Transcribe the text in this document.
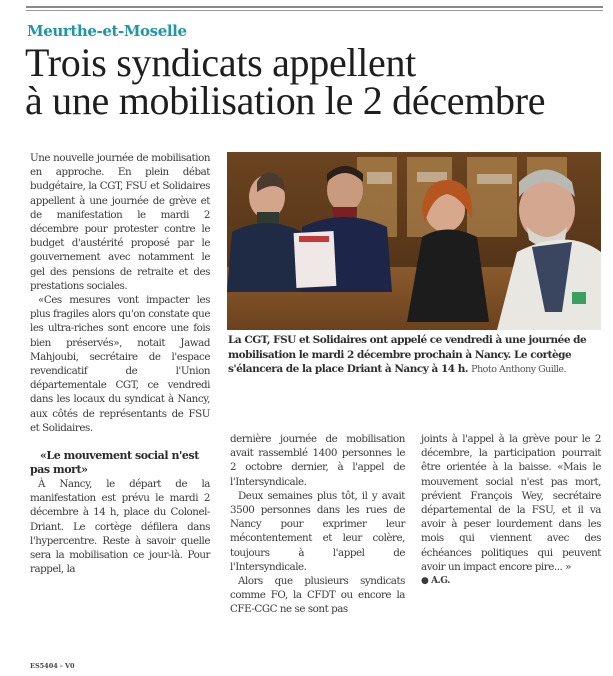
Meurthe-et-Moselle
Trois syndicats appellent
à une mobilisation le 2 décembre

Une nouvelle journée de mobilisation en approche. En plein débat budgétaire, la CGT, FSU et Solidaires appellent à une journée de grève et de manifestation le mardi 2 décembre pour protester contre le budget d'austérité proposé par le gouvernement avec notamment le gel des pensions de retraite et des prestations sociales.

«Ces mesures vont impacter les plus fragiles alors qu'on constate que les ultra-riches sont encore une fois bien préservés», notait Jawad Mahjoubi, secrétaire de l'espace revendicatif de l'Union départementale CGT, ce vendredi dans les locaux du syndicat à Nancy, aux côtés de représentants de FSU et Solidaires.

«Le mouvement social n'est pas mort»

À Nancy, le départ de la manifestation est prévu le mardi 2 décembre à 14 h, place du Colonel-Driant. Le cortège défilera dans l'hypercentre. Reste à savoir quelle sera la mobilisation ce jour-là. Pour rappel, la

La CGT, FSU et Solidaires ont appelé ce vendredi à une journée de mobilisation le mardi 2 décembre prochain à Nancy. Le cortège s'élancera de la place Driant à Nancy à 14 h. Photo Anthony Guille.

dernière journée de mobilisation avait rassemblé 1400 personnes le 2 octobre dernier, à l'appel de l'Intersyndicale.

Deux semaines plus tôt, il y avait 3500 personnes dans les rues de Nancy pour exprimer leur mécontentement et leur colère, toujours à l'appel de l'Intersyndicale.

Alors que plusieurs syndicats comme FO, la CFDT ou encore la CFE-CGC ne se sont pas

joints à l'appel à la grève pour le 2 décembre, la participation pourrait être orientée à la baisse. «Mais le mouvement social n'est pas mort, prévient François Wey, secrétaire départemental de la FSU, et il va avoir à peser lourdement dans les mois qui viennent avec des échéances politiques qui peuvent avoir un impact encore pire... »

● A.G.

ES5404 - V0
